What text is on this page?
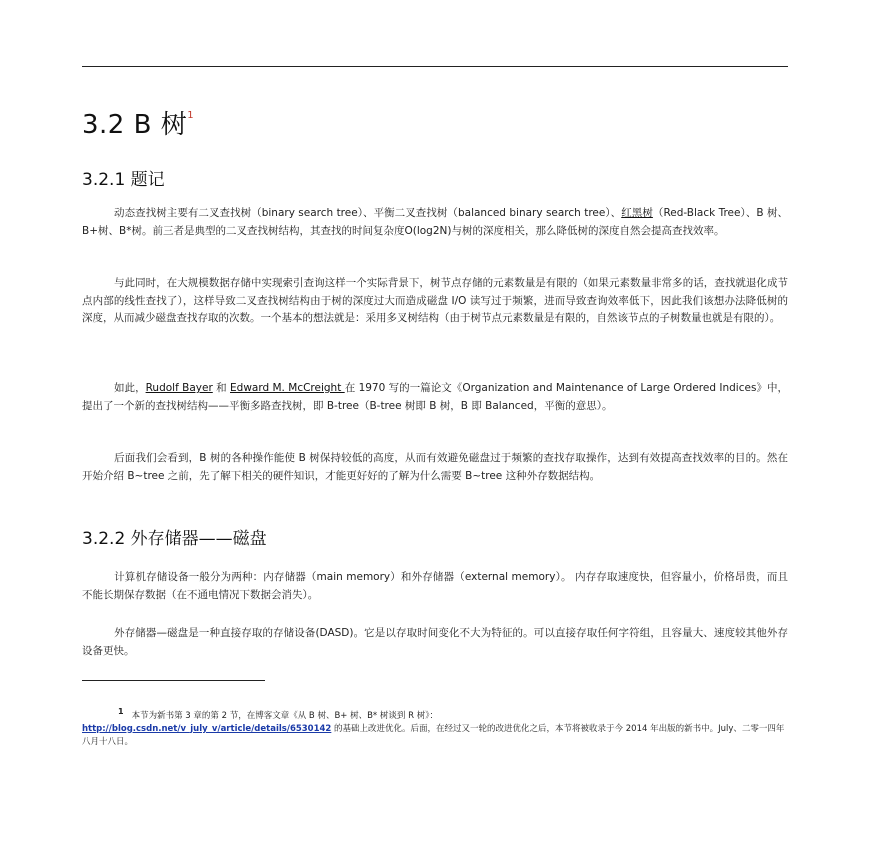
3.2 B 树$^1$
3.2.1 题记

动态查找树主要有二叉查找树（binary search tree）、平衡二叉查找树（balanced binary search tree）、红黑树（Red-Black Tree）、B 树、B+树、B*树。前三者是典型的二叉查找树结构，其查找的时间复杂度O(log2N)与树的深度相关，那么降低树的深度自然会提高查找效率。

与此同时，在大规模数据存储中实现索引查询这样一个实际背景下，树节点存储的元素数量是有限的（如果元素数量非常多的话，查找就退化成节点内部的线性查找了），这样导致二叉查找树结构由于树的深度过大而造成磁盘 I/O 读写过于频繁，进而导致查询效率低下，因此我们该想办法降低树的深度，从而减少磁盘查找存取的次数。一个基本的想法就是：采用多叉树结构（由于树节点元素数量是有限的，自然该节点的子树数量也就是有限的）。

如此，Rudolf Bayer 和 Edward M. McCreight 在 1970 写的一篇论文《Organization and Maintenance of Large Ordered Indices》中，提出了一个新的查找树结构——平衡多路查找树，即 B-tree（B-tree 树即 B 树，B 即 Balanced，平衡的意思）。

后面我们会看到，B 树的各种操作能使 B 树保持较低的高度，从而有效避免磁盘过于频繁的查找存取操作，达到有效提高查找效率的目的。然在开始介绍 B~tree 之前，先了解下相关的硬件知识，才能更好好的了解为什么需要 B~tree 这种外存数据结构。

3.2.2 外存储器——磁盘

计算机存储设备一般分为两种：内存储器（main memory）和外存储器（external memory）。 内存存取速度快，但容量小，价格昂贵，而且不能长期保存数据（在不通电情况下数据会消失）。

外存储器—磁盘是一种直接存取的存储设备(DASD)。它是以存取时间变化不大为特征的。可以直接存取任何字符组，且容量大、速度较其他外存设备更快。

$^1$ 本节为新书第 3 章的第 2 节，在博客文章《从 B 树、B+ 树、B* 树谈到 R 树》：
http://blog.csdn.net/v_july_v/article/details/6530142 的基础上改进优化。后面，在经过又一轮的改进优化之后，本节将被收录于今 2014 年出版的新书中。July、二零一四年八月十八日。
